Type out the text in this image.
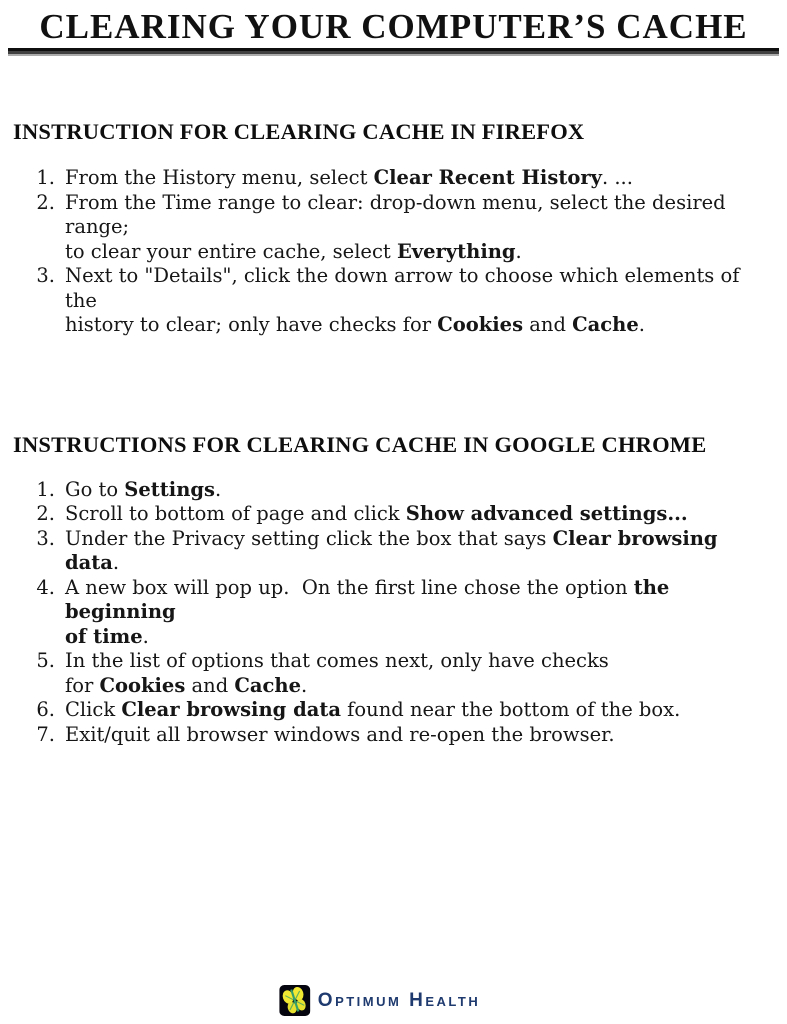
CLEARING YOUR COMPUTER’S CACHE
INSTRUCTION FOR CLEARING CACHE IN FIREFOX
1. From the History menu, select Clear Recent History. ...
2. From the Time range to clear: drop-down menu, select the desired range;
to clear your entire cache, select Everything.
3. Next to "Details", click the down arrow to choose which elements of the
history to clear; only have checks for Cookies and Cache.
INSTRUCTIONS FOR CLEARING CACHE IN GOOGLE CHROME
1. Go to Settings.
2. Scroll to bottom of page and click Show advanced settings...
3. Under the Privacy setting click the box that says Clear browsing data.
4. A new box will pop up.  On the first line chose the option the beginning
of time.
5. In the list of options that comes next, only have checks
for Cookies and Cache.
6. Click Clear browsing data found near the bottom of the box.
7. Exit/quit all browser windows and re-open the browser.
Optimum Health
